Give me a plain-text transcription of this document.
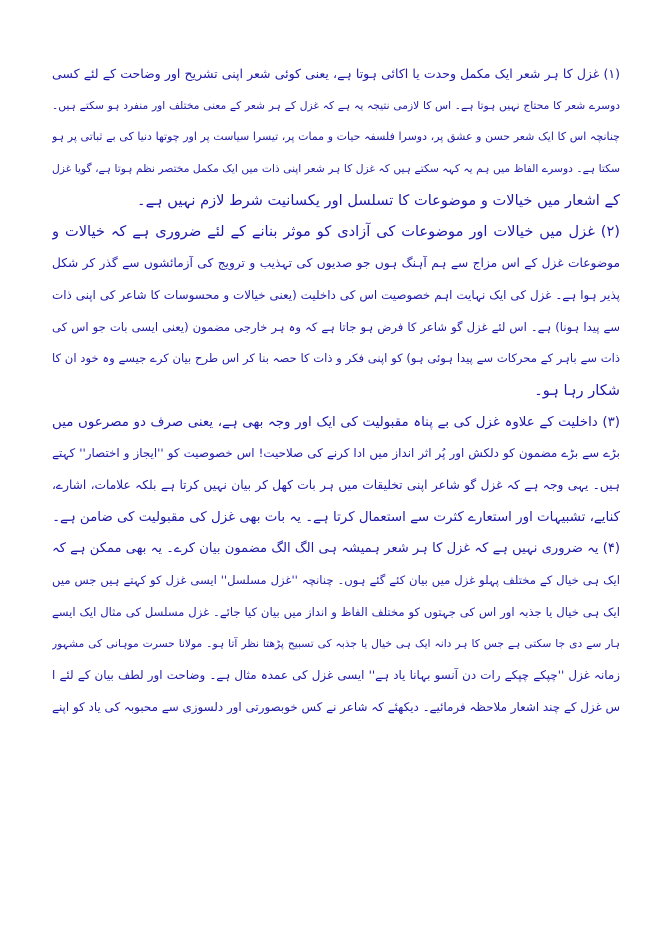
(۱) غزل کا ہر شعر ایک مکمل وحدت یا اکائی ہوتا ہے، یعنی کوئی شعر اپنی تشریح اور وضاحت کے لئے کسی
دوسرے شعر کا محتاج نہیں ہوتا ہے۔ اس کا لازمی نتیجہ یہ ہے کہ غزل کے ہر شعر کے معنی مختلف اور منفرد ہو سکتے ہیں۔
چنانچہ اس کا ایک شعر حسن و عشق پر، دوسرا فلسفہ حیات و ممات پر، تیسرا سیاست پر اور چوتھا دنیا کی بے ثباتی پر ہو
سکتا ہے۔ دوسرے الفاظ میں ہم یہ کہہ سکتے ہیں کہ غزل کا ہر شعر اپنی ذات میں ایک مکمل مختصر نظم ہوتا ہے، گویا غزل
کے اشعار میں خیالات و موضوعات کا تسلسل اور یکسانیت شرط لازم نہیں ہے۔
(۲) غزل میں خیالات اور موضوعات کی آزادی کو موثر بنانے کے لئے ضروری ہے کہ خیالات و
موضوعات غزل کے اس مزاج سے ہم آہنگ ہوں جو صدیوں کی تہذیب و ترویج کی آزمائشوں سے گذر کر شکل
پذیر ہوا ہے۔ غزل کی ایک نہایت اہم خصوصیت اس کی داخلیت (یعنی خیالات و محسوسات کا شاعر کی اپنی ذات
سے پیدا ہونا) ہے۔ اس لئے غزل گو شاعر کا فرض ہو جاتا ہے کہ وہ ہر خارجی مضمون (یعنی ایسی بات جو اس کی
ذات سے باہر کے محرکات سے پیدا ہوئی ہو) کو اپنی فکر و ذات کا حصہ بنا کر اس طرح بیان کرے جیسے وہ خود ان کا
شکار رہا ہو۔
(۳) داخلیت کے علاوہ غزل کی بے پناہ مقبولیت کی ایک اور وجہ بھی ہے، یعنی صرف دو مصرعوں میں
بڑے سے بڑے مضمون کو دلکش اور پُر اثر انداز میں ادا کرنے کی صلاحیت! اس خصوصیت کو ''ایجاز و اختصار'' کہتے
ہیں۔ یہی وجہ ہے کہ غزل گو شاعر اپنی تخلیقات میں ہر بات کھل کر بیان نہیں کرتا ہے بلکہ علامات، اشارے،
کنایے، تشبیہات اور استعارے کثرت سے استعمال کرتا ہے۔ یہ بات بھی غزل کی مقبولیت کی ضامن ہے۔
(۴) یہ ضروری نہیں ہے کہ غزل کا ہر شعر ہمیشہ ہی الگ الگ مضمون بیان کرے۔ یہ بھی ممکن ہے کہ
ایک ہی خیال کے مختلف پہلو غزل میں بیان کئے گئے ہوں۔ چنانچہ ''غزل مسلسل'' ایسی غزل کو کہتے ہیں جس میں
ایک ہی خیال یا جذبہ اور اس کی جہتوں کو مختلف الفاظ و انداز میں بیان کیا جائے۔ غزل مسلسل کی مثال ایک ایسے
ہار سے دی جا سکتی ہے جس کا ہر دانہ ایک ہی خیال یا جذبہ کی تسبیح پڑھتا نظر آتا ہو۔ مولانا حسرت موہانی کی مشہور
زمانہ غزل ''چپکے چپکے رات دن آنسو بہانا یاد ہے'' ایسی غزل کی عمدہ مثال ہے۔ وضاحت اور لطف بیان کے لئے ا
س غزل کے چند اشعار ملاحظہ فرمائیے۔ دیکھئے کہ شاعر نے کس خوبصورتی اور دلسوزی سے محبوبہ کی یاد کو اپنے
